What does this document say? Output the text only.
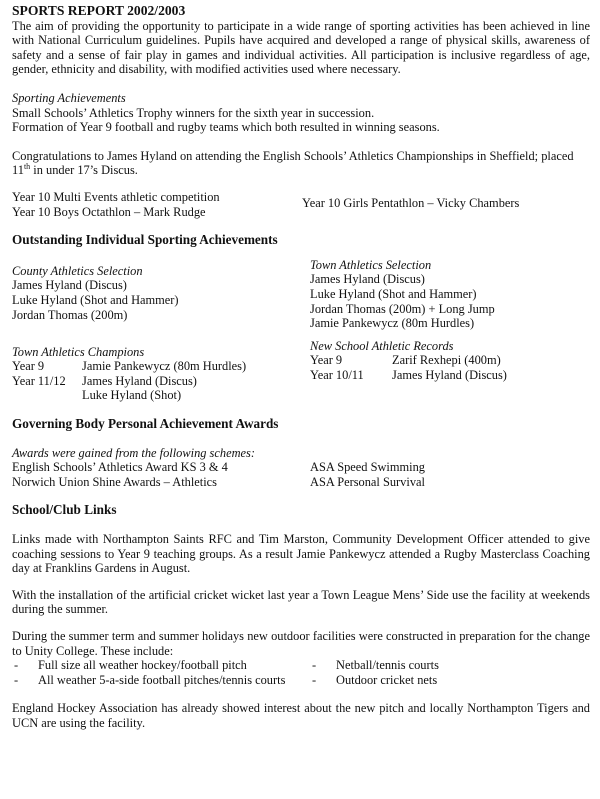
SPORTS REPORT 2002/2003

The aim of providing the opportunity to participate in a wide range of sporting activities has been achieved in line with National Curriculum guidelines. Pupils have acquired and developed a range of physical skills, awareness of safety and a sense of fair play in games and individual activities. All participation is inclusive regardless of age, gender, ethnicity and disability, with modified activities used where necessary.

Sporting Achievements

Small Schools’ Athletics Trophy winners for the sixth year in succession.

Formation of Year 9 football and rugby teams which both resulted in winning seasons.

Congratulations to James Hyland on attending the English Schools’ Athletics Championships in Sheffield; placed 11th in under 17’s Discus.

Year 10 Multi Events athletic competition

Year 10 Boys Octathlon – Mark Rudge

Year 10 Girls Pentathlon – Vicky Chambers

Outstanding Individual Sporting Achievements

County Athletics Selection

James Hyland (Discus)

Luke Hyland (Shot and Hammer)

Jordan Thomas (200m)

Town Athletics Selection

James Hyland (Discus)

Luke Hyland (Shot and Hammer)

Jordan Thomas (200m) + Long Jump

Jamie Pankewycz (80m Hurdles)

Town Athletics Champions

Year 9	Jamie Pankewycz (80m Hurdles)
Year 11/12	James Hyland (Discus)
Luke Hyland (Shot)

New School Athletic Records

Year 9	Zarif Rexhepi (400m)
Year 10/11	James Hyland (Discus)

Governing Body Personal Achievement Awards

Awards were gained from the following schemes:

English Schools’ Athletics Award KS 3 & 4

Norwich Union Shine Awards – Athletics

ASA Speed Swimming

ASA Personal Survival

School/Club Links

Links made with Northampton Saints RFC and Tim Marston, Community Development Officer attended to give coaching sessions to Year 9 teaching groups. As a result Jamie Pankewycz attended a Rugby Masterclass Coaching day at Franklins Gardens in August.

With the installation of the artificial cricket wicket last year a Town League Mens’ Side use the facility at weekends during the summer.

During the summer term and summer holidays new outdoor facilities were constructed in preparation for the change to Unity College. These include:

- Full size all weather hockey/football pitch
- All weather 5-a-side football pitches/tennis courts
- Netball/tennis courts
- Outdoor cricket nets

England Hockey Association has already showed interest about the new pitch and locally Northampton Tigers and UCN are using the facility.
